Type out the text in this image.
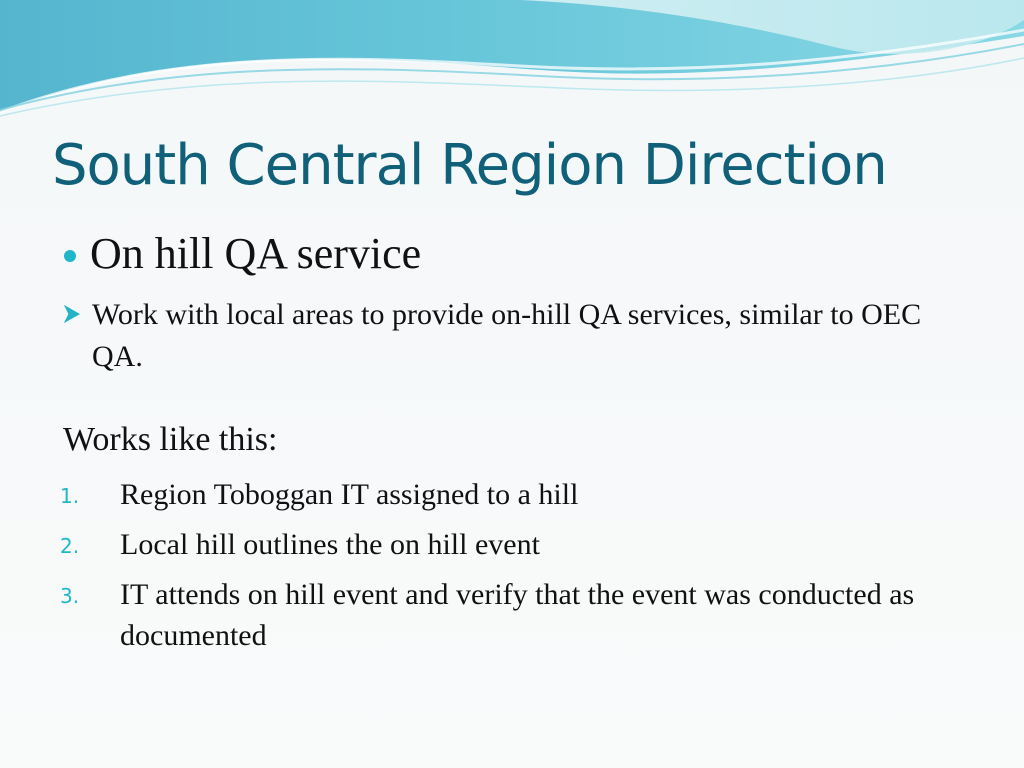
South Central Region Direction
On hill QA service
Work with local areas to provide on-hill QA services, similar to OEC QA.
Works like this:
1.	Region Toboggan IT assigned to a hill
2.	Local hill outlines the on hill event
3.	IT attends on hill event and verify that the event was conducted as documented
